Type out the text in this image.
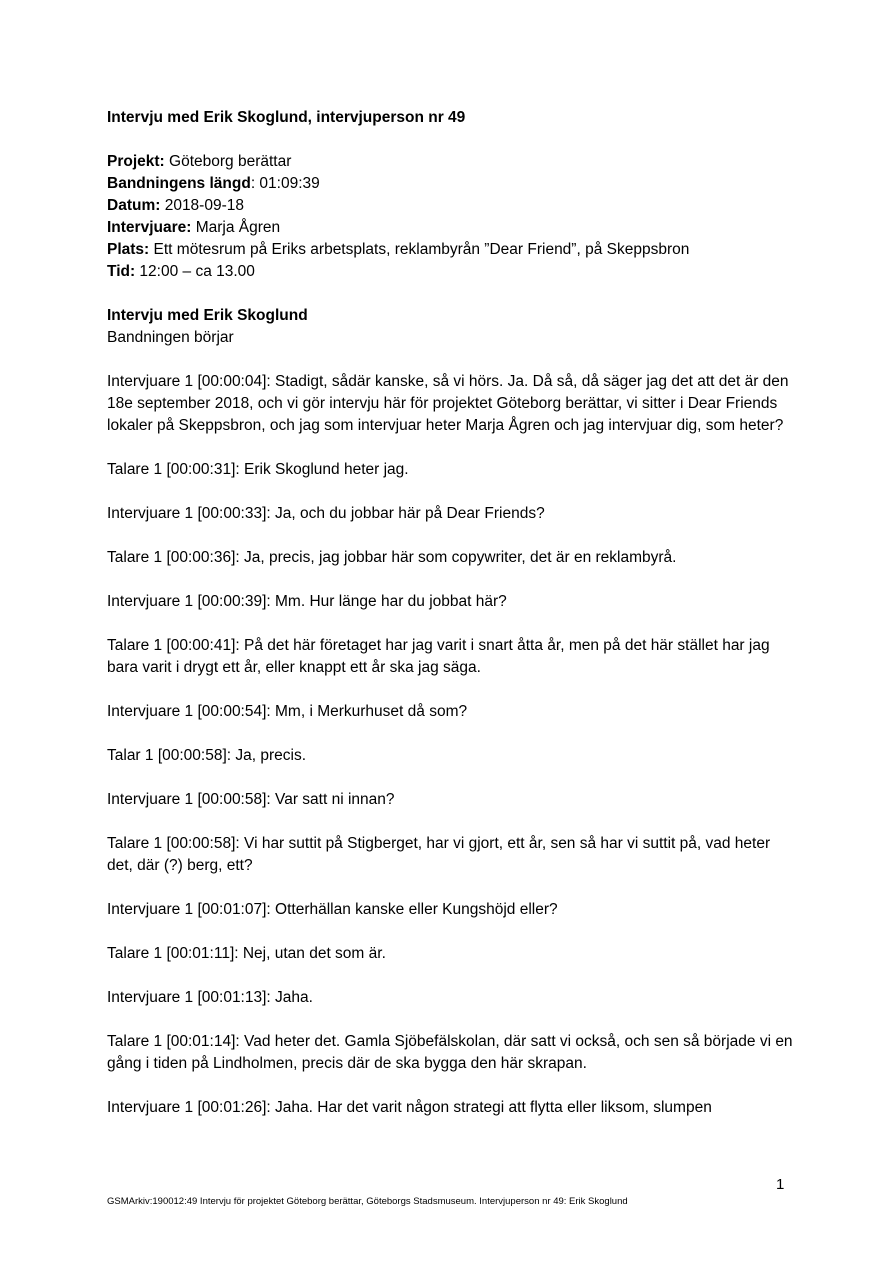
Intervju med Erik Skoglund, intervjuperson nr 49

Projekt: Göteborg berättar

Bandningens längd: 01:09:39

Datum: 2018-09-18

Intervjuare: Marja Ågren

Plats: Ett mötesrum på Eriks arbetsplats, reklambyrån ”Dear Friend”, på Skeppsbron

Tid: 12:00 – ca 13.00

Intervju med Erik Skoglund

Bandningen börjar

Intervjuare 1 [00:00:04]: Stadigt, sådär kanske, så vi hörs. Ja. Då så, då säger jag det att det är den 18e september 2018, och vi gör intervju här för projektet Göteborg berättar, vi sitter i Dear Friends lokaler på Skeppsbron, och jag som intervjuar heter Marja Ågren och jag intervjuar dig, som heter?

Talare 1 [00:00:31]: Erik Skoglund heter jag.

Intervjuare 1 [00:00:33]: Ja, och du jobbar här på Dear Friends?

Talare 1 [00:00:36]: Ja, precis, jag jobbar här som copywriter, det är en reklambyrå.

Intervjuare 1 [00:00:39]: Mm. Hur länge har du jobbat här?

Talare 1 [00:00:41]: På det här företaget har jag varit i snart åtta år, men på det här stället har jag bara varit i drygt ett år, eller knappt ett år ska jag säga.

Intervjuare 1 [00:00:54]: Mm, i Merkurhuset då som?

Talar 1 [00:00:58]: Ja, precis.

Intervjuare 1 [00:00:58]: Var satt ni innan?

Talare 1 [00:00:58]: Vi har suttit på Stigberget, har vi gjort, ett år, sen så har vi suttit på, vad heter det, där (?) berg, ett?

Intervjuare 1 [00:01:07]: Otterhällan kanske eller Kungshöjd eller?

Talare 1 [00:01:11]: Nej, utan det som är.

Intervjuare 1 [00:01:13]: Jaha.

Talare 1 [00:01:14]: Vad heter det. Gamla Sjöbefälskolan, där satt vi också, och sen så började vi en gång i tiden på Lindholmen, precis där de ska bygga den här skrapan.

Intervjuare 1 [00:01:26]: Jaha. Har det varit någon strategi att flytta eller liksom, slumpen

1
GSMArkiv:190012:49 Intervju för projektet Göteborg berättar, Göteborgs Stadsmuseum. Intervjuperson nr 49: Erik Skoglund
